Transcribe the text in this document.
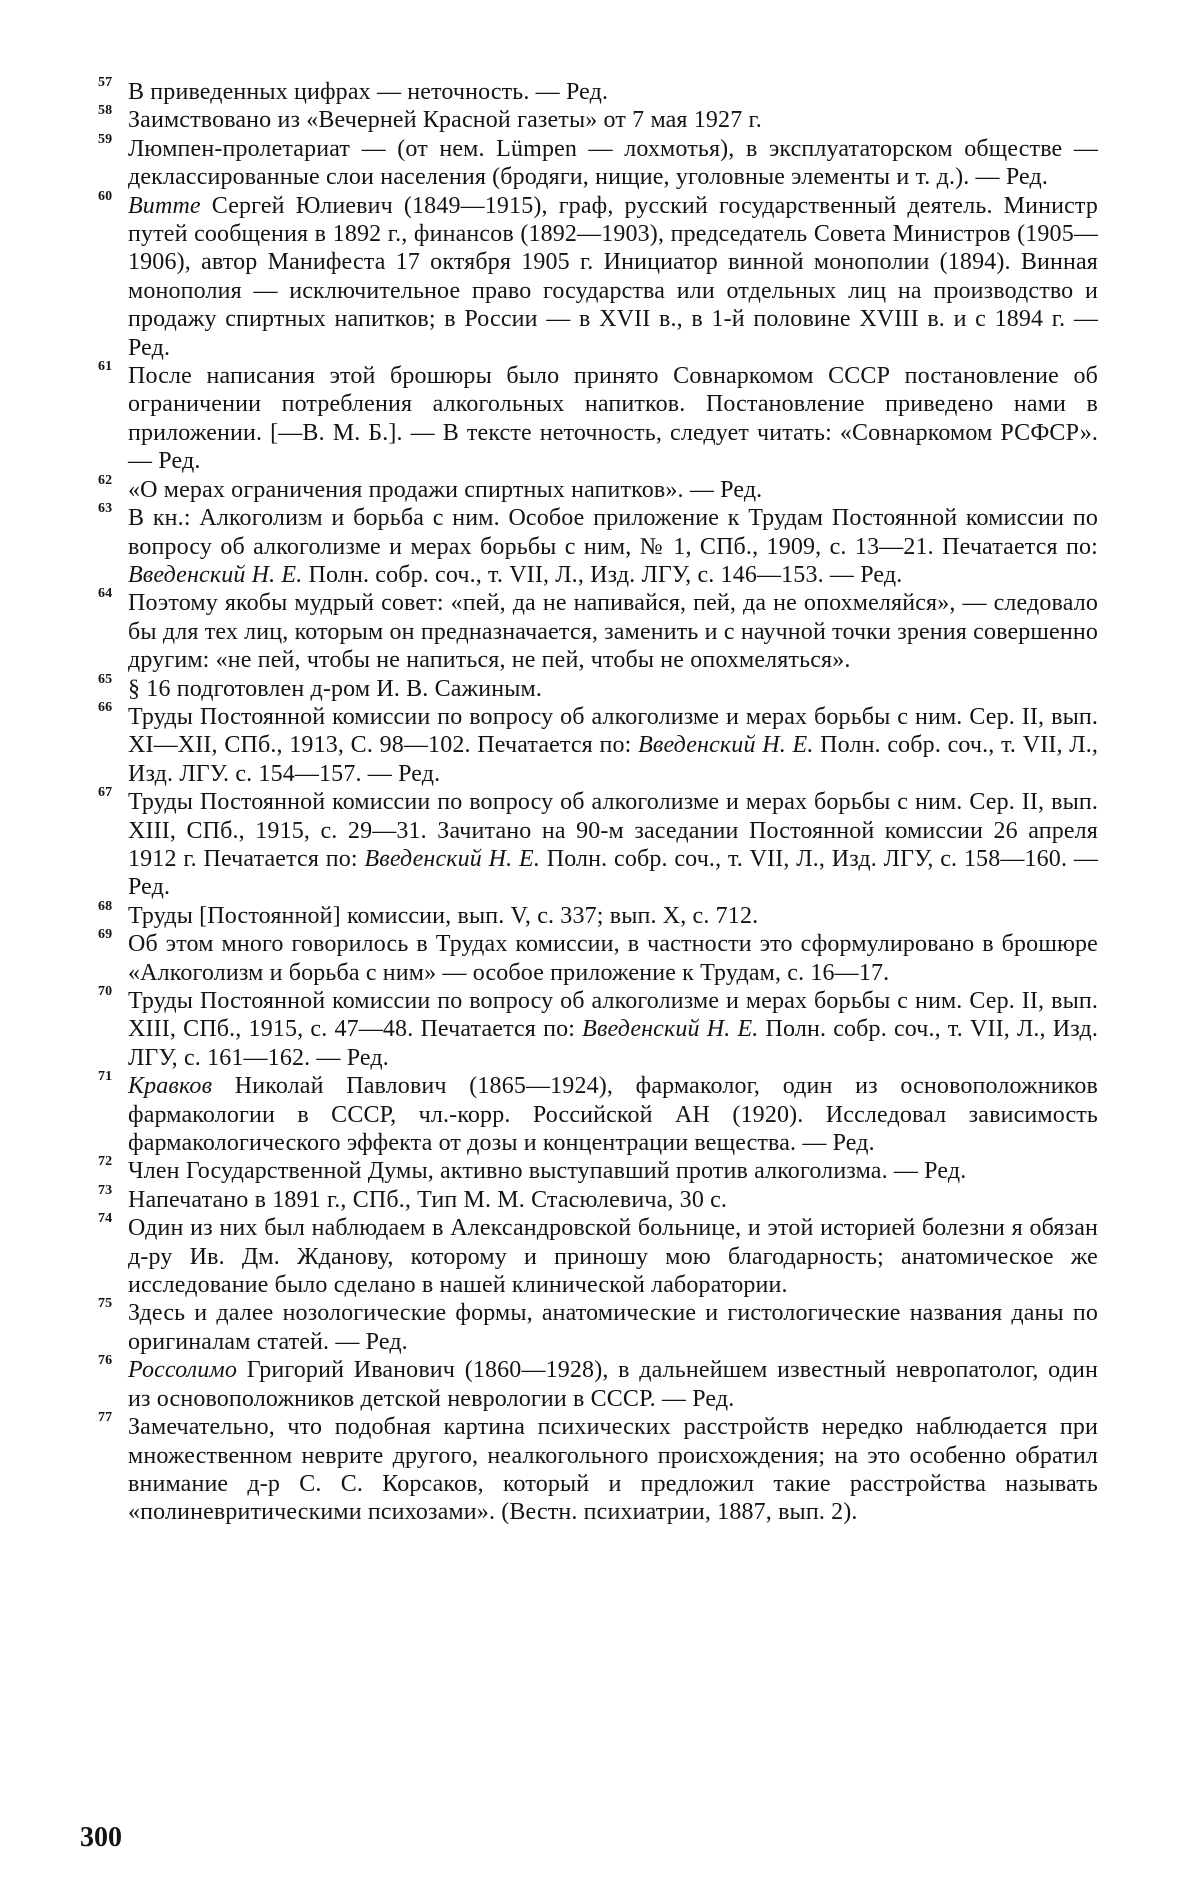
57 В приведенных цифрах — неточность. — Ред.
58 Заимствовано из «Вечерней Красной газеты» от 7 мая 1927 г.
59 Люмпен-пролетариат — (от нем. Lümpen — лохмотья), в эксплуататорском обществе — деклассированные слои населения (бродяги, нищие, уголовные элементы и т. д.). — Ред.
60 Витте Сергей Юлиевич (1849—1915), граф, русский государственный деятель. Министр путей сообщения в 1892 г., финансов (1892—1903), председатель Совета Министров (1905—1906), автор Манифеста 17 октября 1905 г. Инициатор винной монополии (1894). Винная монополия — исключительное право государства или отдельных лиц на производство и продажу спиртных напитков; в России — в XVII в., в 1-й половине XVIII в. и с 1894 г. — Ред.
61 После написания этой брошюры было принято Совнаркомом СССР постановление об ограничении потребления алкогольных напитков. Постановление приведено нами в приложении. [—В. М. Б.]. — В тексте неточность, следует читать: «Совнаркомом РСФСР». — Ред.
62 «О мерах ограничения продажи спиртных напитков». — Ред.
63 В кн.: Алкоголизм и борьба с ним. Особое приложение к Трудам Постоянной комиссии по вопросу об алкоголизме и мерах борьбы с ним, № 1, СПб., 1909, с. 13—21. Печатается по: Введенский Н. Е. Полн. собр. соч., т. VII, Л., Изд. ЛГУ, с. 146—153. — Ред.
64 Поэтому якобы мудрый совет: «пей, да не напивайся, пей, да не опохмеляйся», — следовало бы для тех лиц, которым он предназначается, заменить и с научной точки зрения совершенно другим: «не пей, чтобы не напиться, не пей, чтобы не опохмеляться».
65 § 16 подготовлен д-ром И. В. Сажиным.
66 Труды Постоянной комиссии по вопросу об алкоголизме и мерах борьбы с ним. Сер. II, вып. XI—XII, СПб., 1913, С. 98—102. Печатается по: Введенский Н. Е. Полн. собр. соч., т. VII, Л., Изд. ЛГУ. с. 154—157. — Ред.
67 Труды Постоянной комиссии по вопросу об алкоголизме и мерах борьбы с ним. Сер. II, вып. XIII, СПб., 1915, с. 29—31. Зачитано на 90-м заседании Постоянной комиссии 26 апреля 1912 г. Печатается по: Введенский Н. Е. Полн. собр. соч., т. VII, Л., Изд. ЛГУ, с. 158—160. — Ред.
68 Труды [Постоянной] комиссии, вып. V, с. 337; вып. X, с. 712.
69 Об этом много говорилось в Трудах комиссии, в частности это сформулировано в брошюре «Алкоголизм и борьба с ним» — особое приложение к Трудам, с. 16—17.
70 Труды Постоянной комиссии по вопросу об алкоголизме и мерах борьбы с ним. Сер. II, вып. XIII, СПб., 1915, с. 47—48. Печатается по: Введенский Н. Е. Полн. собр. соч., т. VII, Л., Изд. ЛГУ, с. 161—162. — Ред.
71 Кравков Николай Павлович (1865—1924), фармаколог, один из основоположников фармакологии в СССР, чл.-корр. Российской АН (1920). Исследовал зависимость фармакологического эффекта от дозы и концентрации вещества. — Ред.
72 Член Государственной Думы, активно выступавший против алкоголизма. — Ред.
73 Напечатано в 1891 г., СПб., Тип М. М. Стасюлевича, 30 с.
74 Один из них был наблюдаем в Александровской больнице, и этой историей болезни я обязан д-ру Ив. Дм. Жданову, которому и приношу мою благодарность; анатомическое же исследование было сделано в нашей клинической лаборатории.
75 Здесь и далее нозологические формы, анатомические и гистологические названия даны по оригиналам статей. — Ред.
76 Россолимо Григорий Иванович (1860—1928), в дальнейшем известный невропатолог, один из основоположников детской неврологии в СССР. — Ред.
77 Замечательно, что подобная картина психических расстройств нередко наблюдается при множественном неврите другого, неалкогольного происхождения; на это особенно обратил внимание д-р С. С. Корсаков, который и предложил такие расстройства называть «полиневритическими психозами». (Вестн. психиатрии, 1887, вып. 2).
300
